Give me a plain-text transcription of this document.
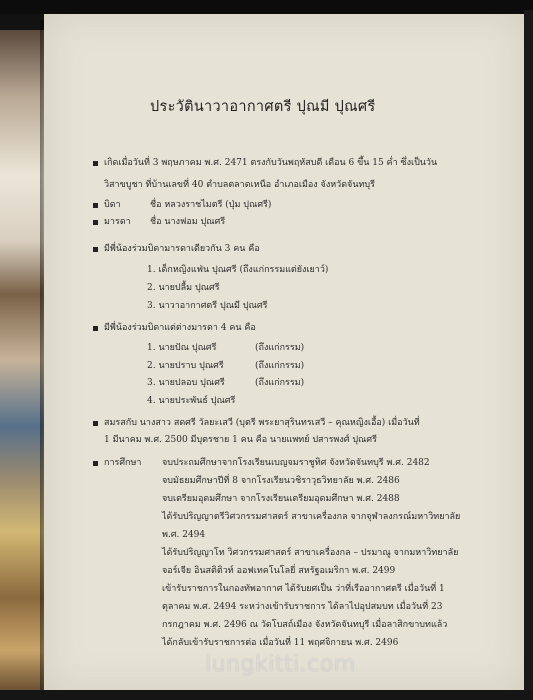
ประวัตินาวาอากาศตรี ปุณมี ปุณศรี
เกิดเมื่อวันที่ 3 พฤษภาคม พ.ศ. 2471 ตรงกับวันพฤหัสบดี เดือน 6 ขึ้น 15 ค่ำ ซึ่งเป็นวัน
วิสาขบูชา ที่บ้านเลขที่ 40 ตำบลตลาดเหนือ อำเภอเมือง จังหวัดจันทบุรี
บิดา	ชื่อ หลวงราชไมตรี (ปุ่ม ปุณศรี)
มารดา ชื่อ นางฟอม ปุณศรี
มีพี่น้องร่วมบิดามารดาเดียวกัน 3 คน คือ
1. เด็กหญิงแฟ่น ปุณศรี (ถึงแก่กรรมแต่ยังเยาว์)
2. นายปลื้ม ปุณศรี
3. นาวาอากาศตรี ปุณมี ปุณศรี
มีพี่น้องร่วมบิดาแต่ต่างมารดา 4 คน คือ
1. นายปัณ ปุณศรี	(ถึงแก่กรรม)
2. นายปราบ ปุณศรี	(ถึงแก่กรรม)
3. นายปลอบ ปุณศรี	(ถึงแก่กรรม)
4. นายประพันธ์ ปุณศรี
สมรสกับ นางสาว สดศรี วัลยะเสวี (บุตรี พระยาสุรินทรเสวี – คุณหญิงเอื้อ) เมื่อวันที่
1 มีนาคม พ.ศ. 2500 มีบุตรชาย 1 คน คือ นายแพทย์ ปสารพงศ์ ปุณศรี
การศึกษา จบประถมศึกษาจากโรงเรียนเบญจมราชูทิศ จังหวัดจันทบุรี พ.ศ. 2482
จบมัธยมศึกษาปีที่ 8 จากโรงเรียนวชิราวุธวิทยาลัย พ.ศ. 2486
จบเตรียมอุดมศึกษา จากโรงเรียนเตรียมอุดมศึกษา พ.ศ. 2488
ได้รับปริญญาตรีวิศวกรรมศาสตร์ สาขาเครื่องกล จากจุฬาลงกรณ์มหาวิทยาลัย
พ.ศ. 2494
ได้รับปริญญาโท วิศวกรรมศาสตร์ สาขาเครื่องกล – ปรมาณู จากมหาวิทยาลัย
จอร์เจีย อินสติติวท์ ออฟเทคโนโลยี่ สหรัฐอเมริกา พ.ศ. 2499
เข้ารับราชการในกองทัพอากาศ ได้รับยศเป็น ว่าที่เรืออากาศตรี เมื่อวันที่ 1
ตุลาคม พ.ศ. 2494 ระหว่างเข้ารับราชการ ได้ลาไปอุปสมบท เมื่อวันที่ 23
กรกฎาคม พ.ศ. 2496 ณ วัดโบสถ์เมือง จังหวัดจันทบุรี เมื่อลาสิกขาบทแล้ว
ได้กลับเข้ารับราชการต่อ เมื่อวันที่ 11 พฤศจิกายน พ.ศ. 2496
lungkitti.com
